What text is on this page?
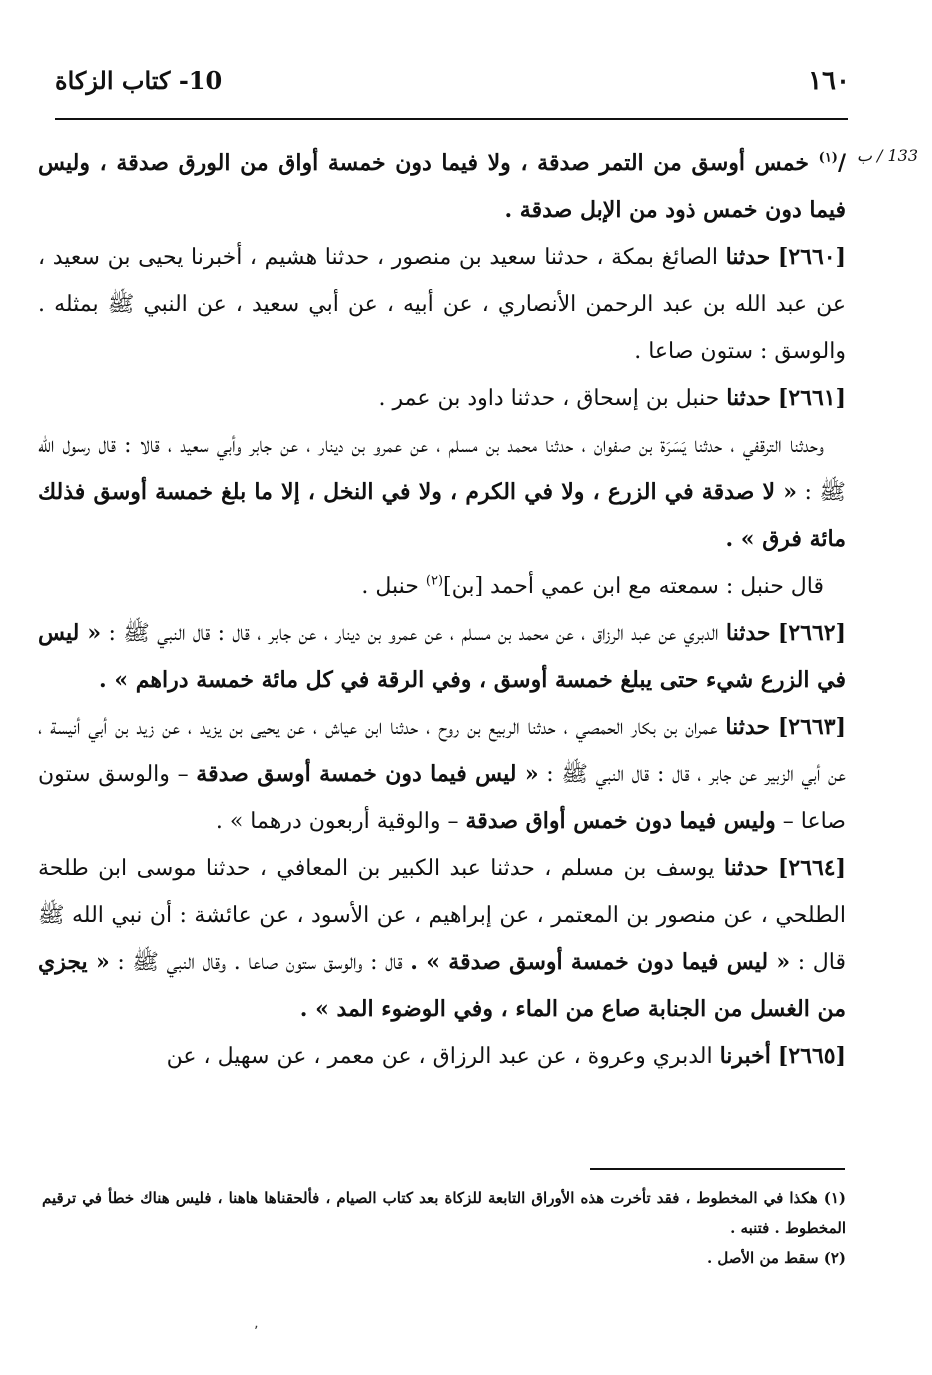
١٦٠
10- كتاب الزكاة
133 / ب

/$^{(١)}$ خمس أوسق من التمر صدقة ، ولا فيما دون خمسة أواق من الورق صدقة ، وليس فيما دون خمس ذود من الإبل صدقة .

[٢٦٦٠] حدثنا الصائغ بمكة ، حدثنا سعيد بن منصور ، حدثنا هشيم ، أخبرنا يحيى بن سعيد ، عن عبد الله بن عبد الرحمن الأنصاري ، عن أبيه ، عن أبي سعيد ، عن النبي ﷺ بمثله . والوسق : ستون صاعا .

[٢٦٦١] حدثنا حنبل بن إسحاق ، حدثنا داود بن عمر .

وحدثنا الترقفي ، حدثنا يَسَرَة بن صفوان ، حدثنا محمد بن مسلم ، عن عمرو بن دينار ، عن جابر وأبي سعيد ، قالا : قال رسول الله ﷺ : « لا صدقة في الزرع ، ولا في الكرم ، ولا في النخل ، إلا ما بلغ خمسة أوسق فذلك مائة فرق » .

قال حنبل : سمعته مع ابن عمي أحمد [بن]$^{(٢)}$ حنبل .

[٢٦٦٢] حدثنا الدبري عن عبد الرزاق ، عن محمد بن مسلم ، عن عمرو بن دينار ، عن جابر ، قال : قال النبي ﷺ : « ليس في الزرع شيء حتى يبلغ خمسة أوسق ، وفي الرقة في كل مائة خمسة دراهم » .

[٢٦٦٣] حدثنا عمران بن بكار الحمصي ، حدثنا الربيع بن روح ، حدثنا ابن عياش ، عن يحيى بن يزيد ، عن زيد بن أبي أنيسة ، عن أبي الزبير عن جابر ، قال : قال النبي ﷺ : « ليس فيما دون خمسة أوسق صدقة – والوسق ستون صاعا – وليس فيما دون خمس أواق صدقة – والوقية أربعون درهما » .

[٢٦٦٤] حدثنا يوسف بن مسلم ، حدثنا عبد الكبير بن المعافي ، حدثنا موسى ابن طلحة الطلحي ، عن منصور بن المعتمر ، عن إبراهيم ، عن الأسود ، عن عائشة : أن نبي الله ﷺ قال : « ليس فيما دون خمسة أوسق صدقة » . قال : والوسق ستون صاعا . وقال النبي ﷺ : « يجزي من الغسل من الجنابة صاع من الماء ، وفي الوضوء المد » .

[٢٦٦٥] أخبرنا الدبري وعروة ، عن عبد الرزاق ، عن معمر ، عن سهيل ، عن

(١) هكذا في المخطوط ، فقد تأخرت هذه الأوراق التابعة للزكاة بعد كتاب الصيام ، فألحقناها هاهنا ، فليس هناك خطأ في ترقيم المخطوط . فتنبه .
(٢) سقط من الأصل .
٬
